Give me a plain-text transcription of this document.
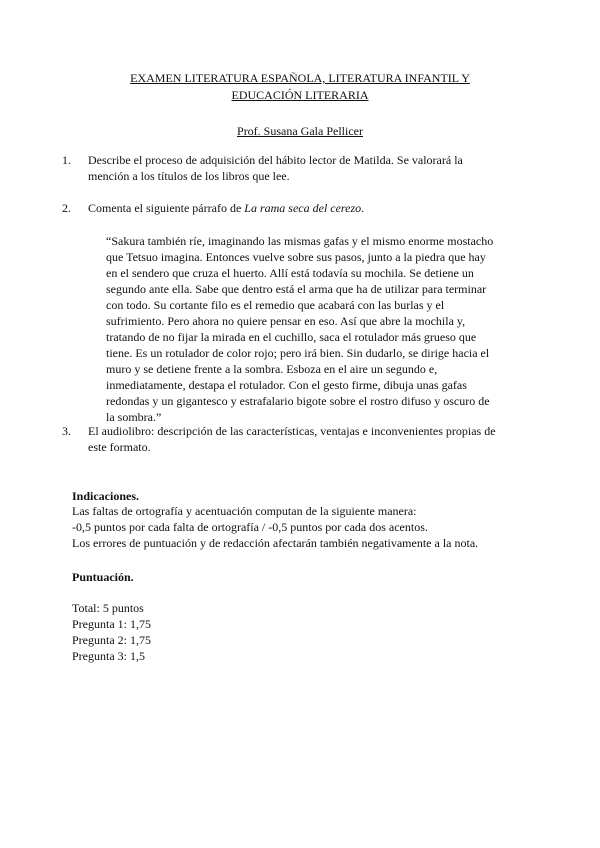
EXAMEN LITERATURA ESPAÑOLA, LITERATURA INFANTIL Y
EDUCACIÓN LITERARIA
Prof. Susana Gala Pellicer
1. Describe el proceso de adquisición del hábito lector de Matilda. Se valorará la mención a los títulos de los libros que lee.
2. Comenta el siguiente párrafo de La rama seca del cerezo.
“Sakura también ríe, imaginando las mismas gafas y el mismo enorme mostacho que Tetsuo imagina. Entonces vuelve sobre sus pasos, junto a la piedra que hay en el sendero que cruza el huerto. Allí está todavía su mochila. Se detiene un segundo ante ella. Sabe que dentro está el arma que ha de utilizar para terminar con todo. Su cortante filo es el remedio que acabará con las burlas y el sufrimiento. Pero ahora no quiere pensar en eso. Así que abre la mochila y, tratando de no fijar la mirada en el cuchillo, saca el rotulador más grueso que tiene. Es un rotulador de color rojo; pero irá bien. Sin dudarlo, se dirige hacia el muro y se detiene frente a la sombra. Esboza en el aire un segundo e, inmediatamente, destapa el rotulador. Con el gesto firme, dibuja unas gafas redondas y un gigantesco y estrafalario bigote sobre el rostro difuso y oscuro de la sombra.”
3. El audiolibro: descripción de las características, ventajas e inconvenientes propias de este formato.
Indicaciones.
Las faltas de ortografía y acentuación computan de la siguiente manera:
-0,5 puntos por cada falta de ortografía / -0,5 puntos por cada dos acentos.
Los errores de puntuación y de redacción afectarán también negativamente a la nota.
Puntuación.
Total: 5 puntos
Pregunta 1: 1,75
Pregunta 2: 1,75
Pregunta 3: 1,5
